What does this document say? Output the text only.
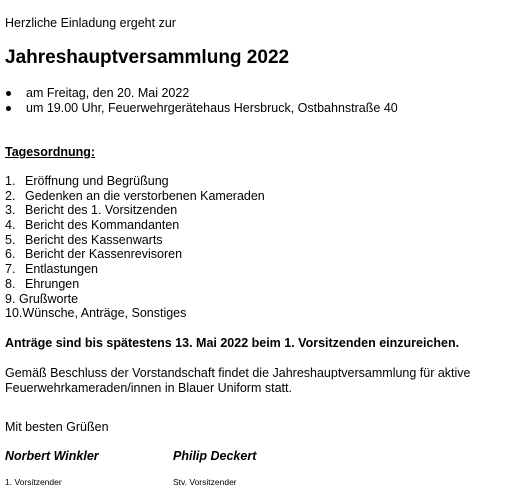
Herzliche Einladung ergeht zur
Jahreshauptversammlung 2022
am Freitag, den 20. Mai 2022
um 19.00 Uhr, Feuerwehrgerätehaus Hersbruck, Ostbahnstraße 40
Tagesordnung:
1. Eröffnung und Begrüßung
2. Gedenken an die verstorbenen Kameraden
3. Bericht des 1. Vorsitzenden
4. Bericht des Kommandanten
5. Bericht des Kassenwarts
6. Bericht der Kassenrevisoren
7. Entlastungen
8. Ehrungen
9. Grußworte
10.Wünsche, Anträge, Sonstiges
Anträge sind bis spätestens 13. Mai 2022 beim 1. Vorsitzenden einzureichen.
Gemäß Beschluss der Vorstandschaft findet die Jahreshauptversammlung für aktive Feuerwehrkameraden/innen in Blauer Uniform statt.
Mit besten Grüßen
Norbert Winkler	Philip Deckert
1. Vorsitzender	Stv. Vorsitzender
